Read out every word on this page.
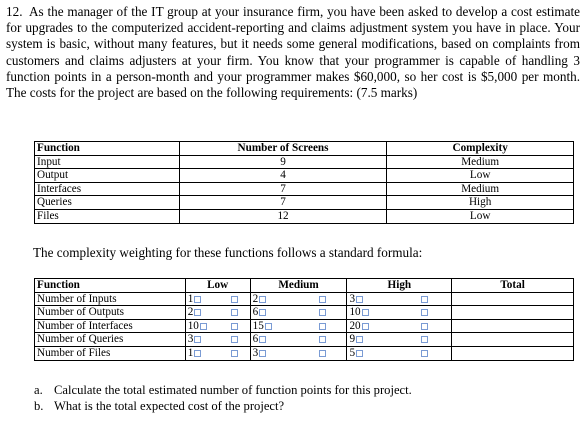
12. As the manager of the IT group at your insurance firm, you have been asked to develop a cost estimate for upgrades to the computerized accident-reporting and claims adjustment system you have in place. Your system is basic, without many features, but it needs some general modifications, based on complaints from customers and claims adjusters at your firm. You know that your programmer is capable of handling 3 function points in a person-month and your programmer makes $60,000, so her cost is $5,000 per month. The costs for the project are based on the following requirements: (7.5 marks)
Function	Number of Screens	Complexity
Input	9	Medium
Output	4	Low
Interfaces	7	Medium
Queries	7	High
Files	12	Low
The complexity weighting for these functions follows a standard formula:
Function	Low		Medium		High		Total
Number of Inputs	1		2		3		
Number of Outputs	2		6		10		
Number of Interfaces	10		15		20		
Number of Queries	3		6		9		
Number of Files	1		3		5		
a. Calculate the total estimated number of function points for this project.
b. What is the total expected cost of the project?
